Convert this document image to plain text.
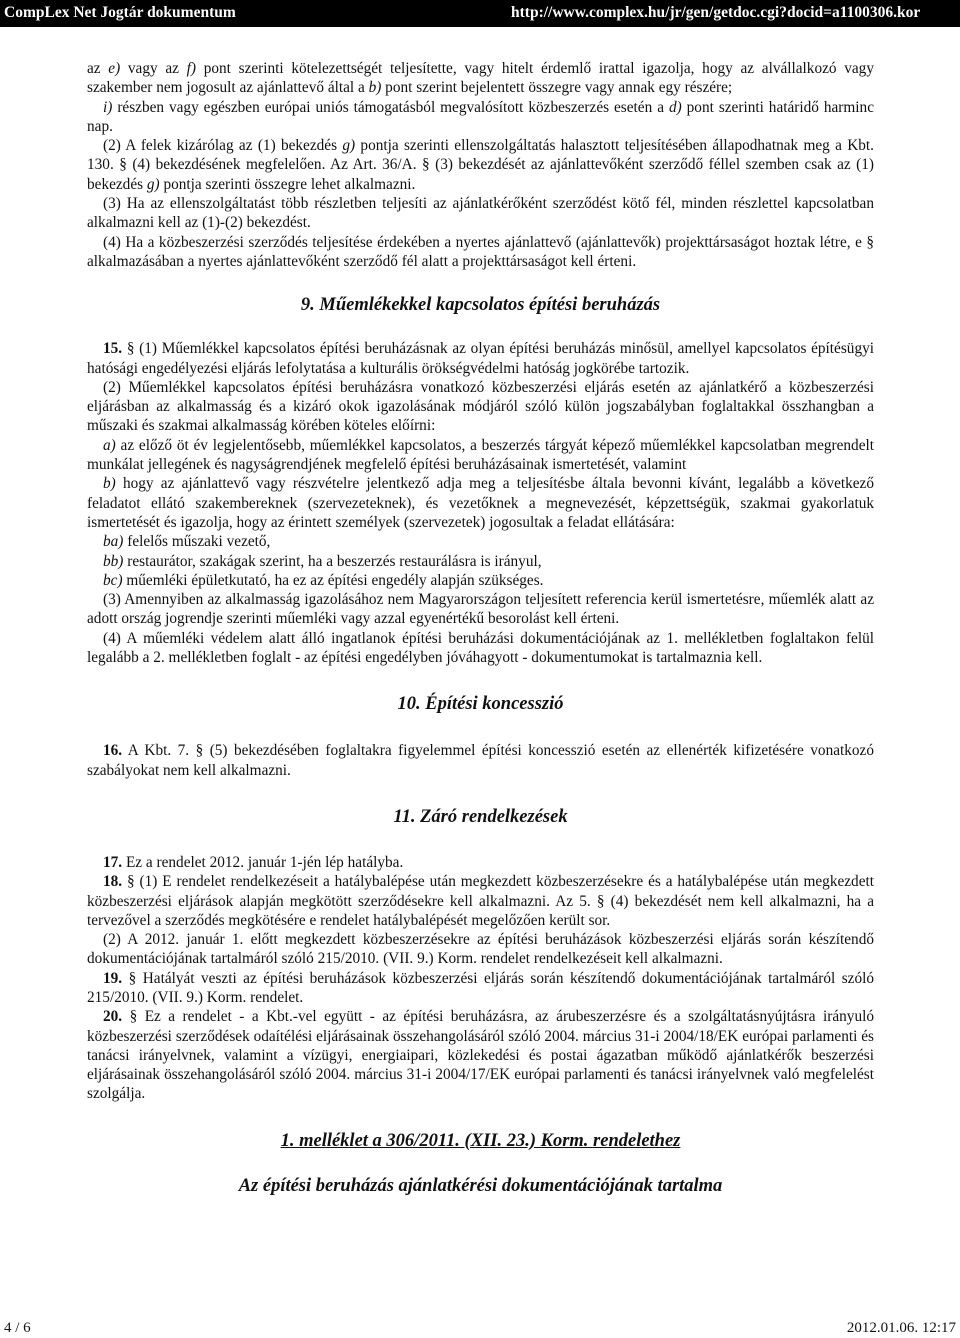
CompLex Net Jogtár dokumentum	http://www.complex.hu/jr/gen/getdoc.cgi?docid=a1100306.kor

az e) vagy az f) pont szerinti kötelezettségét teljesítette, vagy hitelt érdemlő irattal igazolja, hogy az alvállalkozó vagy szakember nem jogosult az ajánlattevő által a b) pont szerint bejelentett összegre vagy annak egy részére;

i) részben vagy egészben európai uniós támogatásból megvalósított közbeszerzés esetén a d) pont szerinti határidő harminc nap.

(2) A felek kizárólag az (1) bekezdés g) pontja szerinti ellenszolgáltatás halasztott teljesítésében állapodhatnak meg a Kbt. 130. § (4) bekezdésének megfelelően. Az Art. 36/A. § (3) bekezdését az ajánlattevőként szerződő féllel szemben csak az (1) bekezdés g) pontja szerinti összegre lehet alkalmazni.

(3) Ha az ellenszolgáltatást több részletben teljesíti az ajánlatkérőként szerződést kötő fél, minden részlettel kapcsolatban alkalmazni kell az (1)-(2) bekezdést.

(4) Ha a közbeszerzési szerződés teljesítése érdekében a nyertes ajánlattevő (ajánlattevők) projekttársaságot hoztak létre, e § alkalmazásában a nyertes ajánlattevőként szerződő fél alatt a projekttársaságot kell érteni.

9. Műemlékekkel kapcsolatos építési beruházás

15. § (1) Műemlékkel kapcsolatos építési beruházásnak az olyan építési beruházás minősül, amellyel kapcsolatos építésügyi hatósági engedélyezési eljárás lefolytatása a kulturális örökségvédelmi hatóság jogkörébe tartozik.

(2) Műemlékkel kapcsolatos építési beruházásra vonatkozó közbeszerzési eljárás esetén az ajánlatkérő a közbeszerzési eljárásban az alkalmasság és a kizáró okok igazolásának módjáról szóló külön jogszabályban foglaltakkal összhangban a műszaki és szakmai alkalmasság körében köteles előírni:

a) az előző öt év legjelentősebb, műemlékkel kapcsolatos, a beszerzés tárgyát képező műemlékkel kapcsolatban megrendelt munkálat jellegének és nagyságrendjének megfelelő építési beruházásainak ismertetését, valamint

b) hogy az ajánlattevő vagy részvételre jelentkező adja meg a teljesítésbe általa bevonni kívánt, legalább a következő feladatot ellátó szakembereknek (szervezeteknek), és vezetőknek a megnevezését, képzettségük, szakmai gyakorlatuk ismertetését és igazolja, hogy az érintett személyek (szervezetek) jogosultak a feladat ellátására:

ba) felelős műszaki vezető,

bb) restaurátor, szakágak szerint, ha a beszerzés restaurálásra is irányul,

bc) műemléki épületkutató, ha ez az építési engedély alapján szükséges.

(3) Amennyiben az alkalmasság igazolásához nem Magyarországon teljesített referencia kerül ismertetésre, műemlék alatt az adott ország jogrendje szerinti műemléki vagy azzal egyenértékű besorolást kell érteni.

(4) A műemléki védelem alatt álló ingatlanok építési beruházási dokumentációjának az 1. mellékletben foglaltakon felül legalább a 2. mellékletben foglalt - az építési engedélyben jóváhagyott - dokumentumokat is tartalmaznia kell.

10. Építési koncesszió

16. A Kbt. 7. § (5) bekezdésében foglaltakra figyelemmel építési koncesszió esetén az ellenérték kifizetésére vonatkozó szabályokat nem kell alkalmazni.

11. Záró rendelkezések

17. Ez a rendelet 2012. január 1-jén lép hatályba.

18. § (1) E rendelet rendelkezéseit a hatálybalépése után megkezdett közbeszerzésekre és a hatálybalépése után megkezdett közbeszerzési eljárások alapján megkötött szerződésekre kell alkalmazni. Az 5. § (4) bekezdését nem kell alkalmazni, ha a tervezővel a szerződés megkötésére e rendelet hatálybalépését megelőzően került sor.

(2) A 2012. január 1. előtt megkezdett közbeszerzésekre az építési beruházások közbeszerzési eljárás során készítendő dokumentációjának tartalmáról szóló 215/2010. (VII. 9.) Korm. rendelet rendelkezéseit kell alkalmazni.

19. § Hatályát veszti az építési beruházások közbeszerzési eljárás során készítendő dokumentációjának tartalmáról szóló 215/2010. (VII. 9.) Korm. rendelet.

20. § Ez a rendelet - a Kbt.-vel együtt - az építési beruházásra, az árubeszerzésre és a szolgáltatásnyújtásra irányuló közbeszerzési szerződések odaítélési eljárásainak összehangolásáról szóló 2004. március 31-i 2004/18/EK európai parlamenti és tanácsi irányelvnek, valamint a vízügyi, energiaipari, közlekedési és postai ágazatban működő ajánlatkérők beszerzési eljárásainak összehangolásáról szóló 2004. március 31-i 2004/17/EK európai parlamenti és tanácsi irányelvnek való megfelelést szolgálja.

1. melléklet a 306/2011. (XII. 23.) Korm. rendelethez

Az építési beruházás ajánlatkérési dokumentációjának tartalma

4 / 6	2012.01.06. 12:17
